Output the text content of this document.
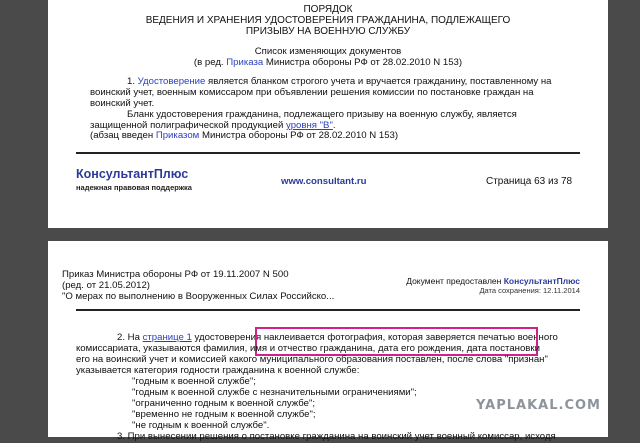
ПОРЯДОК
ВЕДЕНИЯ И ХРАНЕНИЯ УДОСТОВЕРЕНИЯ ГРАЖДАНИНА, ПОДЛЕЖАЩЕГО
ПРИЗЫВУ НА ВОЕННУЮ СЛУЖБУ
Список изменяющих документов
(в ред. Приказа Министра обороны РФ от 28.02.2010 N 153)
1. Удостоверение является бланком строгого учета и вручается гражданину, поставленному на
воинский учет, военным комиссаром при объявлении решения комиссии по постановке граждан на
воинский учет.
Бланк удостоверения гражданина, подлежащего призыву на военную службу, является
защищенной полиграфической продукцией уровня "В".
(абзац введен Приказом Министра обороны РФ от 28.02.2010 N 153)
КонсультантПлюс
надежная правовая поддержка
www.consultant.ru	Страница 63 из 78
Приказ Министра обороны РФ от 19.11.2007 N 500
(ред. от 21.05.2012)
"О мерах по выполнению в Вооруженных Силах Российско...
Документ предоставлен КонсультантПлюс
Дата сохранения: 12.11.2014
2. На странице 1 удостоверения наклеивается фотография, которая заверяется печатью военного
комиссариата, указываются фамилия, имя и отчество гражданина, дата его рождения, дата постановки
его на воинский учет и комиссией какого муниципального образования поставлен, после слова "признан"
указывается категория годности гражданина к военной службе:
"годным к военной службе";
"годным к военной службе с незначительными ограничениями";
"ограниченно годным к военной службе";
"временно не годным к военной службе";
"не годным к военной службе".
3. При вынесении решения о постановке гражданина на воинский учет военный комиссар, исходя
YAPLAKAL.COM
